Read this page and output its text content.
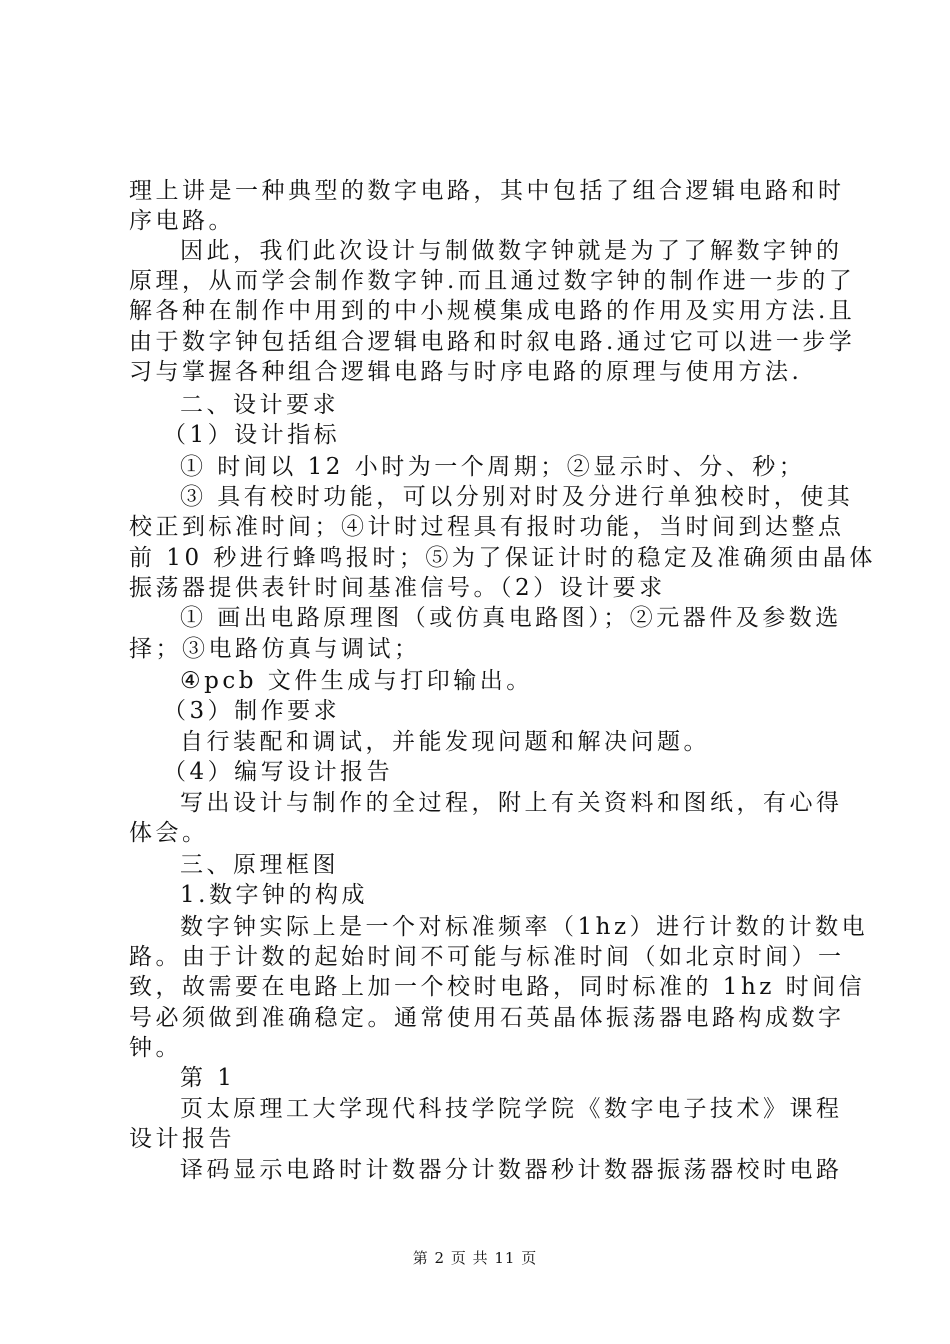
理上讲是一种典型的数字电路，其中包括了组合逻辑电路和时
序电路。
因此，我们此次设计与制做数字钟就是为了了解数字钟的
原理，从而学会制作数字钟.而且通过数字钟的制作进一步的了
解各种在制作中用到的中小规模集成电路的作用及实用方法.且
由于数字钟包括组合逻辑电路和时叙电路.通过它可以进一步学
习与掌握各种组合逻辑电路与时序电路的原理与使用方法.
二、设计要求
（1）设计指标
① 时间以 12 小时为一个周期；②显示时、分、秒；
③ 具有校时功能，可以分别对时及分进行单独校时，使其
校正到标准时间；④计时过程具有报时功能，当时间到达整点
前 10 秒进行蜂鸣报时；⑤为了保证计时的稳定及准确须由晶体
振荡器提供表针时间基准信号。（2）设计要求
① 画出电路原理图（或仿真电路图）；②元器件及参数选
择；③电路仿真与调试；
④pcb 文件生成与打印输出。
（3）制作要求
自行装配和调试，并能发现问题和解决问题。
（4）编写设计报告
写出设计与制作的全过程，附上有关资料和图纸，有心得
体会。
三、原理框图
1.数字钟的构成
数字钟实际上是一个对标准频率（1hz）进行计数的计数电
路。由于计数的起始时间不可能与标准时间（如北京时间）一
致，故需要在电路上加一个校时电路，同时标准的 1hz 时间信
号必须做到准确稳定。通常使用石英晶体振荡器电路构成数字
钟。
第 1
页太原理工大学现代科技学院学院《数字电子技术》课程
设计报告
译码显示电路时计数器分计数器秒计数器振荡器校时电路
第 2 页 共 11 页
